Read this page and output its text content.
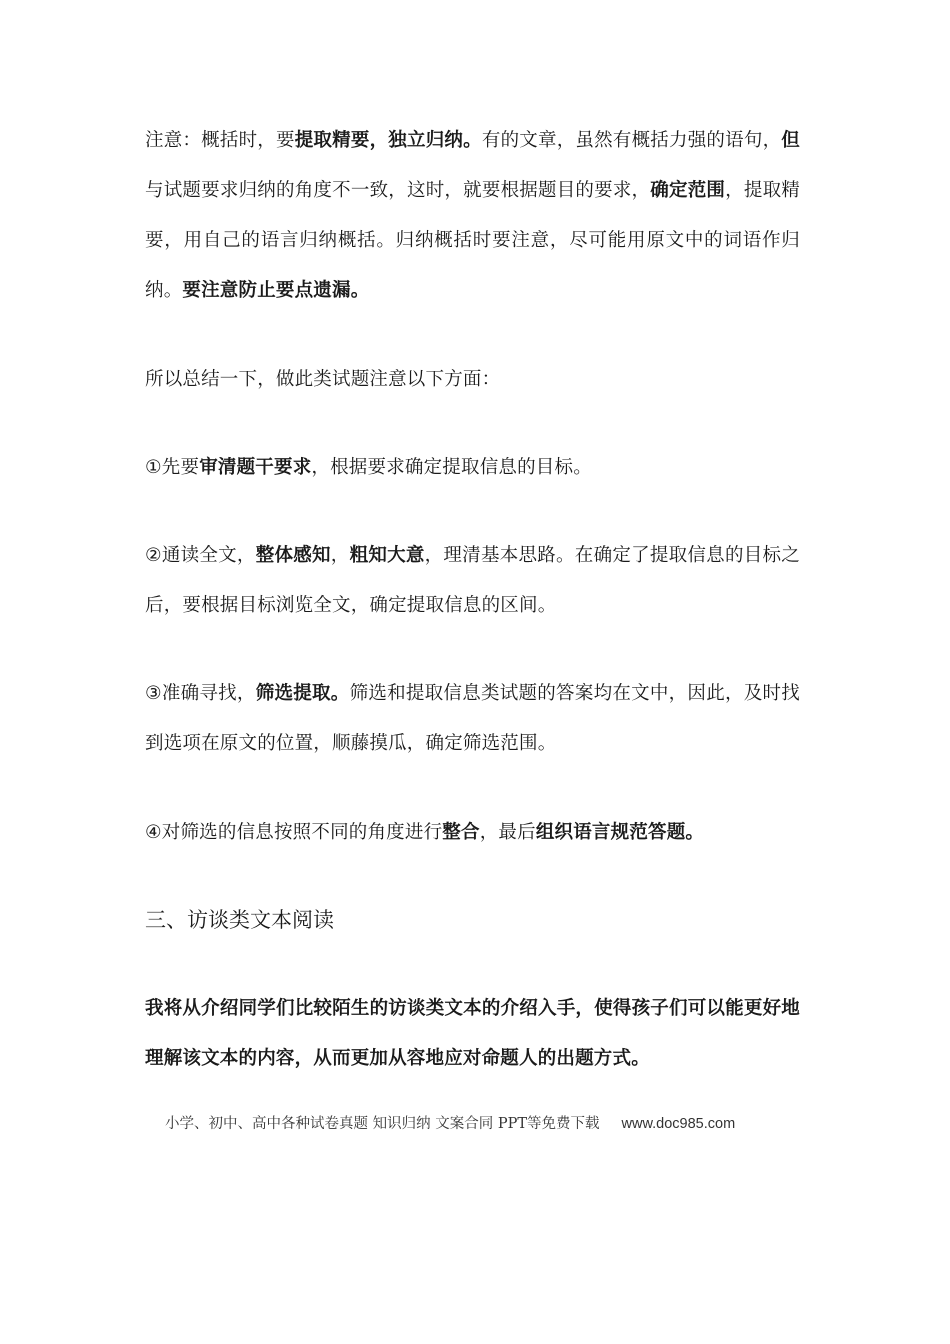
注意：概括时，要提取精要，独立归纳。有的文章，虽然有概括力强的语句，但与试题要求归纳的角度不一致，这时，就要根据题目的要求，确定范围，提取精要，用自己的语言归纳概括。归纳概括时要注意，尽可能用原文中的词语作归纳。要注意防止要点遗漏。

所以总结一下，做此类试题注意以下方面：

①先要审清题干要求，根据要求确定提取信息的目标。

②通读全文，整体感知，粗知大意，理清基本思路。在确定了提取信息的目标之后，要根据目标浏览全文，确定提取信息的区间。

③准确寻找，筛选提取。筛选和提取信息类试题的答案均在文中，因此，及时找到选项在原文的位置，顺藤摸瓜，确定筛选范围。

④对筛选的信息按照不同的角度进行整合，最后组织语言规范答题。

三、访谈类文本阅读

我将从介绍同学们比较陌生的访谈类文本的介绍入手，使得孩子们可以能更好地理解该文本的内容，从而更加从容地应对命题人的出题方式。

小学、初中、高中各种试卷真题 知识归纳 文案合同 PPT等免费下载 www.doc985.com
